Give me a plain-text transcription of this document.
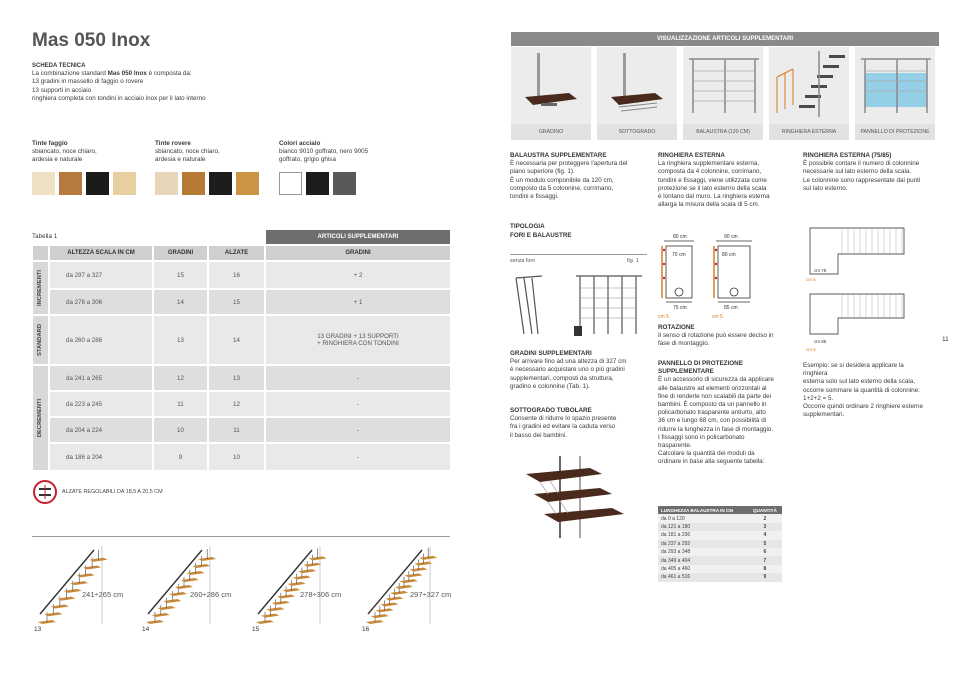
Mas 050 Inox
SCHEDA TECNICA
La combinazione standard Mas 050 Inox è composta da:
13 gradini in massello di faggio o rovere
13 supporti in acciaio
ringhiera completa con tondini in acciaio inox per il lato interno
Tinte faggio
sbiancato, noce chiaro,
ardesia e naturale
Tinte rovere
sbiancato, noce chiaro,
ardesia e naturale
Colori acciaio
bianco 9010 goffrato, nero 9005
goffrato, grigio ghisa
Tabella 1	ARTICOLI SUPPLEMENTARI
ALTEZZA SCALA IN CM	GRADINI	ALZATE	GRADINI
INCREMENTI
STANDARD
DECREMENTI
da 297 a 327	15	16	+ 2
da 278 a 306	14	15	+ 1
da 260 a 286	13	14	13 GRADINI + 13 SUPPORTI
+ RINGHIERA CON TONDINI
da 241 a 265	12	13	-
da 223 a 245	11	12	-
da 204 a 224	10	11	-
da 186 a 204	9	10	-
ALZATE REGOLABILI DA 18,5 A 20,5 CM
241÷265 cm
13
260÷286 cm
14
278÷306 cm
15
297÷327 cm
16
VISUALIZZAZIONE ARTICOLI SUPPLEMENTARI
GRADINO	SOTTOGRADO	BALAUSTRA (120 CM)	RINGHIERA ESTERNA	PANNELLO DI PROTEZIONE
BALAUSTRA SUPPLEMENTARE
È necessaria per proteggere l'apertura del
piano superiore (fig. 1).
È un modulo componibile da 120 cm,
composto da 5 colonnine, corrimano,
tondini e fissaggi.
TIPOLOGIA
FORI E BALAUSTRE
senza foro	fig. 1
GRADINI SUPPLEMENTARI
Per arrivare fino ad una altezza di 327 cm
è necessario acquistare uno o più gradini
supplementari, composti da struttura,
gradino e colonnine (Tab. 1).
SOTTOGRADO TUBOLARE
Consente di ridurre lo spazio presente
fra i gradini ed evitare la caduta verso
il basso dei bambini.
RINGHIERA ESTERNA
La ringhiera supplementare esterna,
composta da 4 colonnine, corrimano,
tondini e fissaggi, viene utilizzata come
protezione se il lato esterno della scala
è lontano dal muro. La ringhiera esterna
allarga la misura della scala di 5 cm.
80 cm	90 cm
70 cm	80 cm
75 cm	85 cm
cm 5	cm 5
ROTAZIONE
Il senso di rotazione può essere deciso in
fase di montaggio.
PANNELLO DI PROTEZIONE
SUPPLEMENTARE
È un accessorio di sicurezza da applicare
alle balaustre ad elementi orizzontali al
fine di renderle non scalabili da parte dei
bambini. È composto da un pannello in
policarbonato trasparente antiurto, alto
36 cm e lungo 68 cm, con possibilità di
ridurre la lunghezza in fase di montaggio.
I fissaggi sono in policarbonato
trasparente.
Calcolare la quantità dei moduli da
ordinare in base alla seguente tabella:
LUNGHEZZA BALAUSTRA IN CM	QUANTITÀ
da 0 a 120	2
da 121 a 180	3
da 181 a 236	4
da 237 a 292	5
da 293 a 348	6
da 349 a 404	7
da 405 a 460	8
da 461 a 516	9
RINGHIERA ESTERNA (75/85)
È possibile contare il numero di colonnine
necessarie sul lato esterno della scala.
Le colonnine sono rappresentate dai punti
sul lato esterno.
cm 75
cm 5
cm 85
cm 5
Esempio: se si desidera applicare la
ringhiera
esterna solo sul lato esterno della scala,
occorre sommare la quantità di colonnine:
1+2+2 = 5.
Occorre quindi ordinare 2 ringhiere esterne
supplementari.
11
